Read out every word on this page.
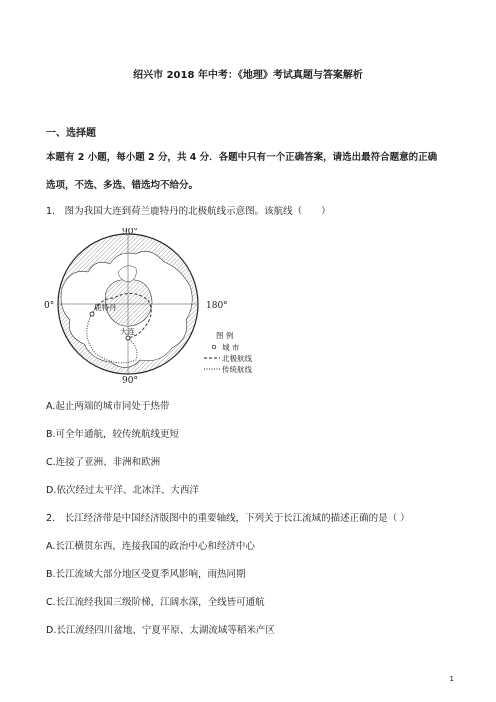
绍兴市 2018 年中考：《地理》考试真题与答案解析
一、选择题
本题有 2 小题，每小题 2 分，共 4 分．各题中只有一个正确答案，请选出最符合题意的正确
选项，不选、多选、错选均不给分。
1.　图为我国大连到荷兰鹿特丹的北极航线示意图。该航线（　　）
鹿特丹
大连
90°
90°
0°	180°
图 例
城 市
北极航线
传统航线
A.起止两端的城市同处于热带
B.可全年通航，较传统航线更短
C.连接了亚洲、非洲和欧洲
D.依次经过太平洋、北冰洋、大西洋
2.　长江经济带是中国经济版图中的重要轴线，下列关于长江流域的描述正确的是（ ）
A.长江横贯东西，连接我国的政治中心和经济中心
B.长江流域大部分地区受夏季风影响，雨热同期
C.长江流经我国三级阶梯，江阔水深，全线皆可通航
D.长江流经四川盆地、宁夏平原、太湖流域等稻米产区
1
